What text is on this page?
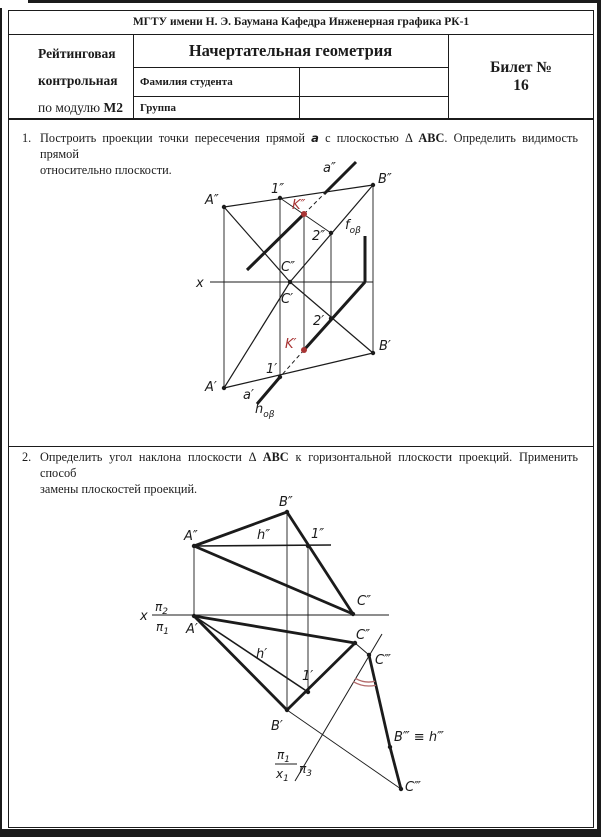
МГТУ имени Н. Э. Баумана Кафедра Инженерная графика РК-1
Рейтинговая
контрольная
по модулю М2
Начертательная геометрия
Фамилия студента
Группа
Билет №
16
1. Построить проекции точки пересечения прямой a с плоскостью Δ АВС. Определить видимость прямой
относительно плоскости.
2. Определить угол наклона плоскости Δ АВС к горизонтальной плоскости проекций. Применить способ
замены плоскостей проекций.
x
A″
1″
B″
a″
K″
2″
$f_{o\beta}$
C″
C′
2′
K′
1′
B′
A′
a′
$h_{o\beta}$
B″
A″	h″	1″
C″
x
$\pi_2$
$\pi_1$ A′
h′
1′
B′
C″
C‴
B‴ ≡ h‴
C‴
$\pi_1$
$x_1$
$\pi_3$
